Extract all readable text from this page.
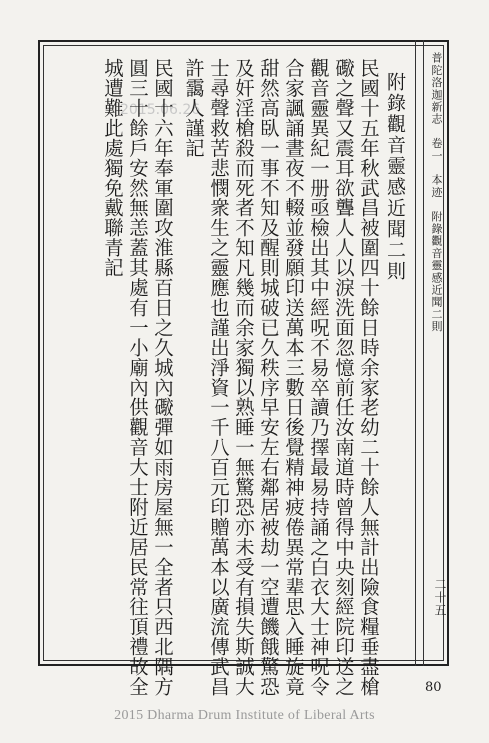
普陀洛迦新志　卷一　本迹　附錄觀音靈感近聞二則
二十五
2015.06.26	附錄觀音靈感近聞二則
民國十五年秋武昌被圍四十餘日時余家老幼二十餘人無計出險食糧垂盡槍
礮之聲又震耳欲聾人人以淚洗面忽憶前任汝南道時曾得中央刻經院印送之
觀音靈異紀一册亟檢出其中經呪不易卒讀乃擇最易持誦之白衣大士神呪令
合家諷誦晝夜不輟並發願印送萬本三數日後覺精神疲倦異常辈思入睡旋竟
甜然高臥一事不知及醒則城破已久秩序早安左右鄰居被劫一空遭饑餓驚恐
及奸淫槍殺而死者不知凡幾而余家獨以熟睡一無驚恐亦未受有損失斯誠大
士尋聲救苦悲憫衆生之靈應也謹出淨資一千八百元印贈萬本以廣流傳武昌
許靄人謹記
民國十六年奉軍圍攻淮縣百日之久城內礮彈如雨房屋無一全者只西北隅方
圓三十餘戶安然無恙蓋其處有一小廟內供觀音大士附近居民常往頂禮故全
城遭難此處獨免戴聯青記
80
2015 Dharma Drum Institute of Liberal Arts
